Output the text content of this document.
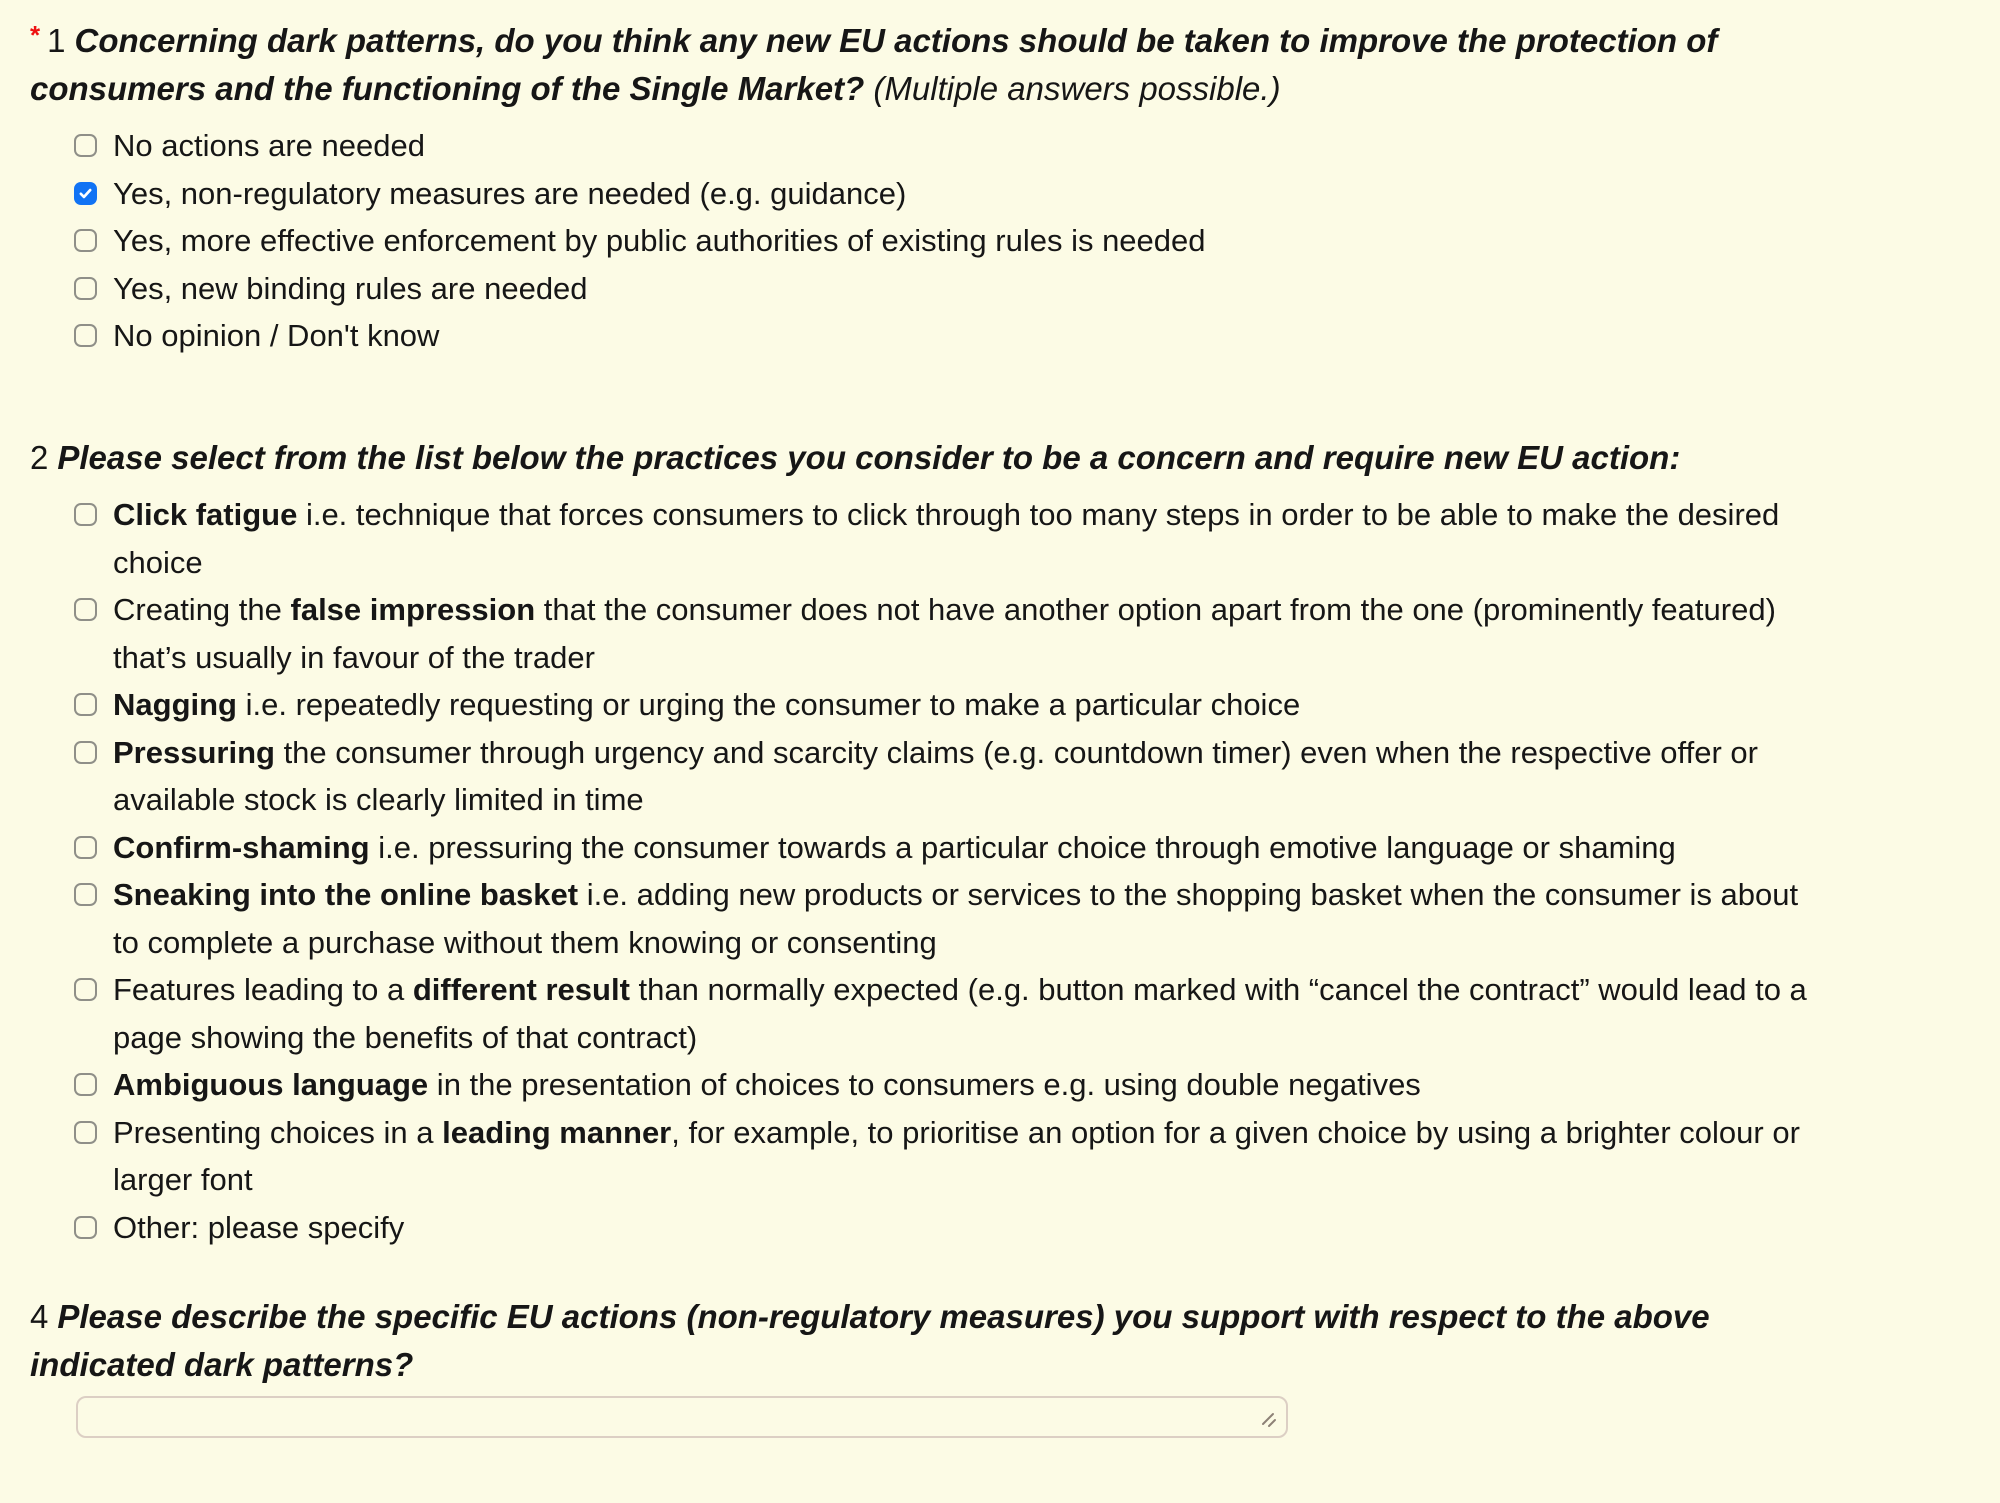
* 1 Concerning dark patterns, do you think any new EU actions should be taken to improve the protection of consumers and the functioning of the Single Market? (Multiple answers possible.)
No actions are needed
Yes, non-regulatory measures are needed (e.g. guidance)
Yes, more effective enforcement by public authorities of existing rules is needed
Yes, new binding rules are needed
No opinion / Don't know
2 Please select from the list below the practices you consider to be a concern and require new EU action:
Click fatigue i.e. technique that forces consumers to click through too many steps in order to be able to make the desired choice
Creating the false impression that the consumer does not have another option apart from the one (prominently featured) that’s usually in favour of the trader
Nagging i.e. repeatedly requesting or urging the consumer to make a particular choice
Pressuring the consumer through urgency and scarcity claims (e.g. countdown timer) even when the respective offer or available stock is clearly limited in time
Confirm-shaming i.e. pressuring the consumer towards a particular choice through emotive language or shaming
Sneaking into the online basket i.e. adding new products or services to the shopping basket when the consumer is about to complete a purchase without them knowing or consenting
Features leading to a different result than normally expected (e.g. button marked with “cancel the contract” would lead to a page showing the benefits of that contract)
Ambiguous language in the presentation of choices to consumers e.g. using double negatives
Presenting choices in a leading manner, for example, to prioritise an option for a given choice by using a brighter colour or larger font
Other: please specify
4 Please describe the specific EU actions (non-regulatory measures) you support with respect to the above indicated dark patterns?
